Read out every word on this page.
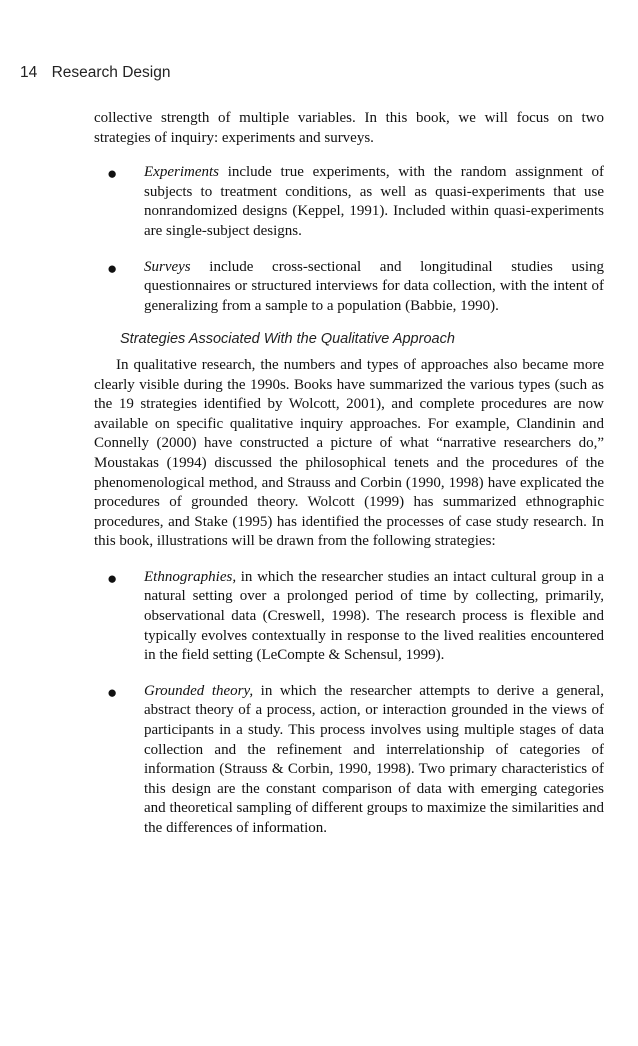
14 Research Design

collective strength of multiple variables. In this book, we will focus on two strategies of inquiry: experiments and surveys.

● Experiments include true experiments, with the random assignment of subjects to treatment conditions, as well as quasi-experiments that use nonrandomized designs (Keppel, 1991). Included within quasi-experiments are single-subject designs.
● Surveys include cross-sectional and longitudinal studies using questionnaires or structured interviews for data collection, with the intent of generalizing from a sample to a population (Babbie, 1990).
Strategies Associated With the Qualitative Approach

In qualitative research, the numbers and types of approaches also became more clearly visible during the 1990s. Books have summarized the various types (such as the 19 strategies identified by Wolcott, 2001), and complete procedures are now available on specific qualitative inquiry approaches. For example, Clandinin and Connelly (2000) have constructed a picture of what “narrative researchers do,” Moustakas (1994) discussed the philosophical tenets and the procedures of the phenomenological method, and Strauss and Corbin (1990, 1998) have explicated the procedures of grounded theory. Wolcott (1999) has summarized ethnographic procedures, and Stake (1995) has identified the processes of case study research. In this book, illustrations will be drawn from the following strategies:

● Ethnographies, in which the researcher studies an intact cultural group in a natural setting over a prolonged period of time by collecting, primarily, observational data (Creswell, 1998). The research process is flexible and typically evolves contextually in response to the lived realities encountered in the field setting (LeCompte & Schensul, 1999).
● Grounded theory, in which the researcher attempts to derive a general, abstract theory of a process, action, or interaction grounded in the views of participants in a study. This process involves using multiple stages of data collection and the refinement and interrelationship of categories of information (Strauss & Corbin, 1990, 1998). Two primary characteristics of this design are the constant comparison of data with emerging categories and theoretical sampling of different groups to maximize the similarities and the differences of information.
